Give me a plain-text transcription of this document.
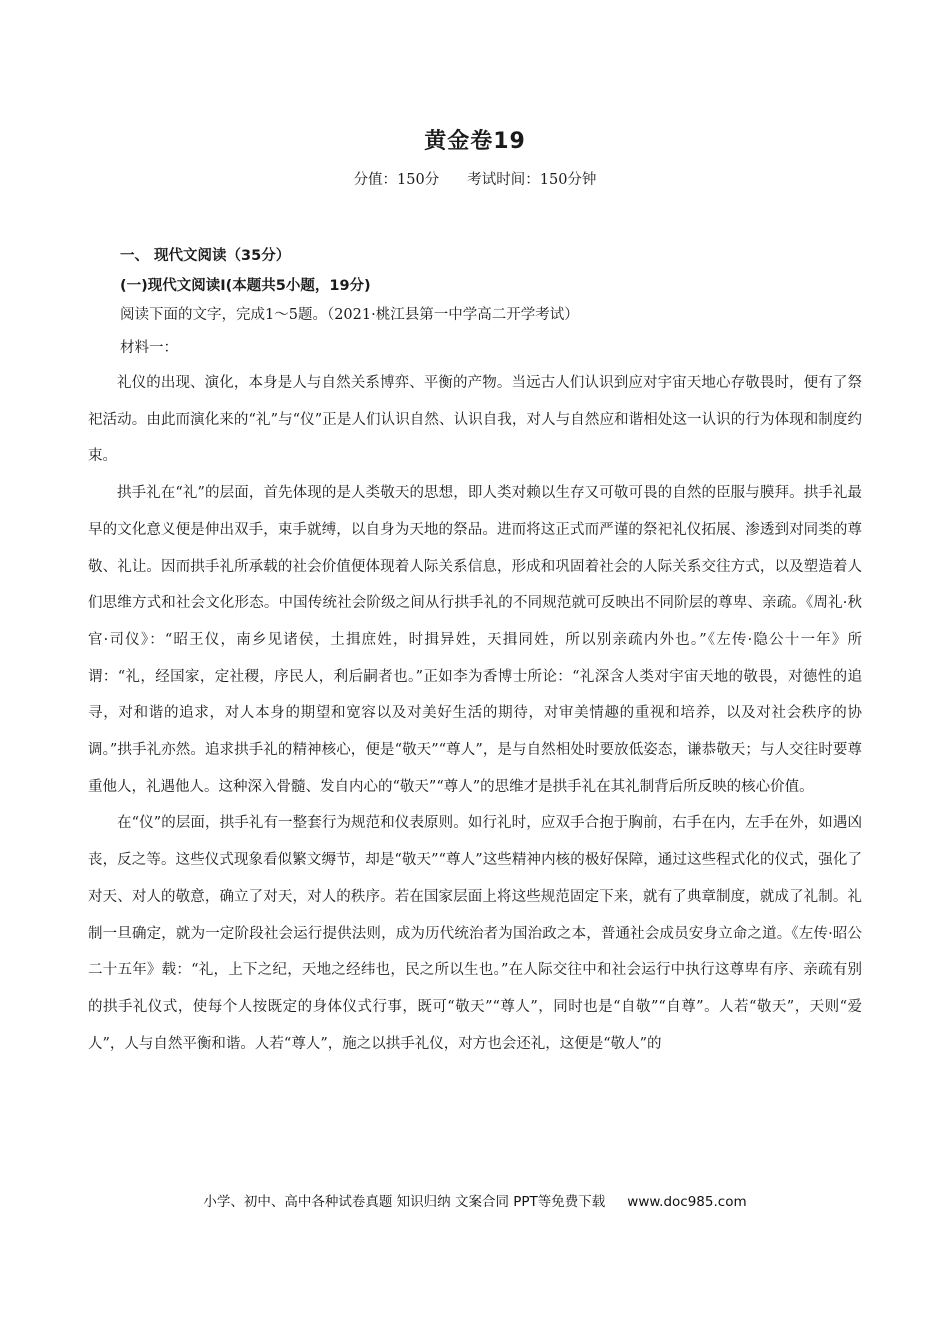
黄金卷19
分值：150分 考试时间：150分钟
一、 现代文阅读（35分）
(一)现代文阅读Ⅰ(本题共5小题，19分)
阅读下面的文字，完成1～5题。（2021·桃江县第一中学高二开学考试）
材料一：

礼仪的出现、演化，本身是人与自然关系博弈、平衡的产物。当远古人们认识到应对宇宙天地心存敬畏时，便有了祭祀活动。由此而演化来的“礼”与“仪”正是人们认识自然、认识自我，对人与自然应和谐相处这一认识的行为体现和制度约束。

拱手礼在“礼”的层面，首先体现的是人类敬天的思想，即人类对赖以生存又可敬可畏的自然的臣服与膜拜。拱手礼最早的文化意义便是伸出双手，束手就缚，以自身为天地的祭品。进而将这正式而严谨的祭祀礼仪拓展、渗透到对同类的尊敬、礼让。因而拱手礼所承载的社会价值便体现着人际关系信息，形成和巩固着社会的人际关系交往方式，以及塑造着人们思维方式和社会文化形态。中国传统社会阶级之间从行拱手礼的不同规范就可反映出不同阶层的尊卑、亲疏。《周礼·秋官·司仪》：“昭王仪，南乡见诸侯，土揖庶姓，时揖异姓，天揖同姓，所以别亲疏内外也。”《左传·隐公十一年》所谓：“礼，经国家，定社稷，序民人，利后嗣者也。”正如李为香博士所论：“礼深含人类对宇宙天地的敬畏，对德性的追寻，对和谐的追求，对人本身的期望和宽容以及对美好生活的期待，对审美情趣的重视和培养，以及对社会秩序的协调。”拱手礼亦然。追求拱手礼的精神核心，便是“敬天”“尊人”，是与自然相处时要放低姿态，谦恭敬天；与人交往时要尊重他人，礼遇他人。这种深入骨髓、发自内心的“敬天”“尊人”的思维才是拱手礼在其礼制背后所反映的核心价值。

在“仪”的层面，拱手礼有一整套行为规范和仪表原则。如行礼时，应双手合抱于胸前，右手在内，左手在外，如遇凶丧，反之等。这些仪式现象看似繁文缛节，却是“敬天”“尊人”这些精神内核的极好保障，通过这些程式化的仪式，强化了对天、对人的敬意，确立了对天，对人的秩序。若在国家层面上将这些规范固定下来，就有了典章制度，就成了礼制。礼制一旦确定，就为一定阶段社会运行提供法则，成为历代统治者为国治政之本，普通社会成员安身立命之道。《左传·昭公二十五年》载：“礼，上下之纪，天地之经纬也，民之所以生也。”在人际交往中和社会运行中执行这尊卑有序、亲疏有别的拱手礼仪式，使每个人按既定的身体仪式行事，既可“敬天”“尊人”，同时也是“自敬”“自尊”。人若“敬天”，天则“爱人”，人与自然平衡和谐。人若“尊人”，施之以拱手礼仪，对方也会还礼，这便是“敬人”的

小学、初中、高中各种试卷真题 知识归纳 文案合同 PPT等免费下载 www.doc985.com
